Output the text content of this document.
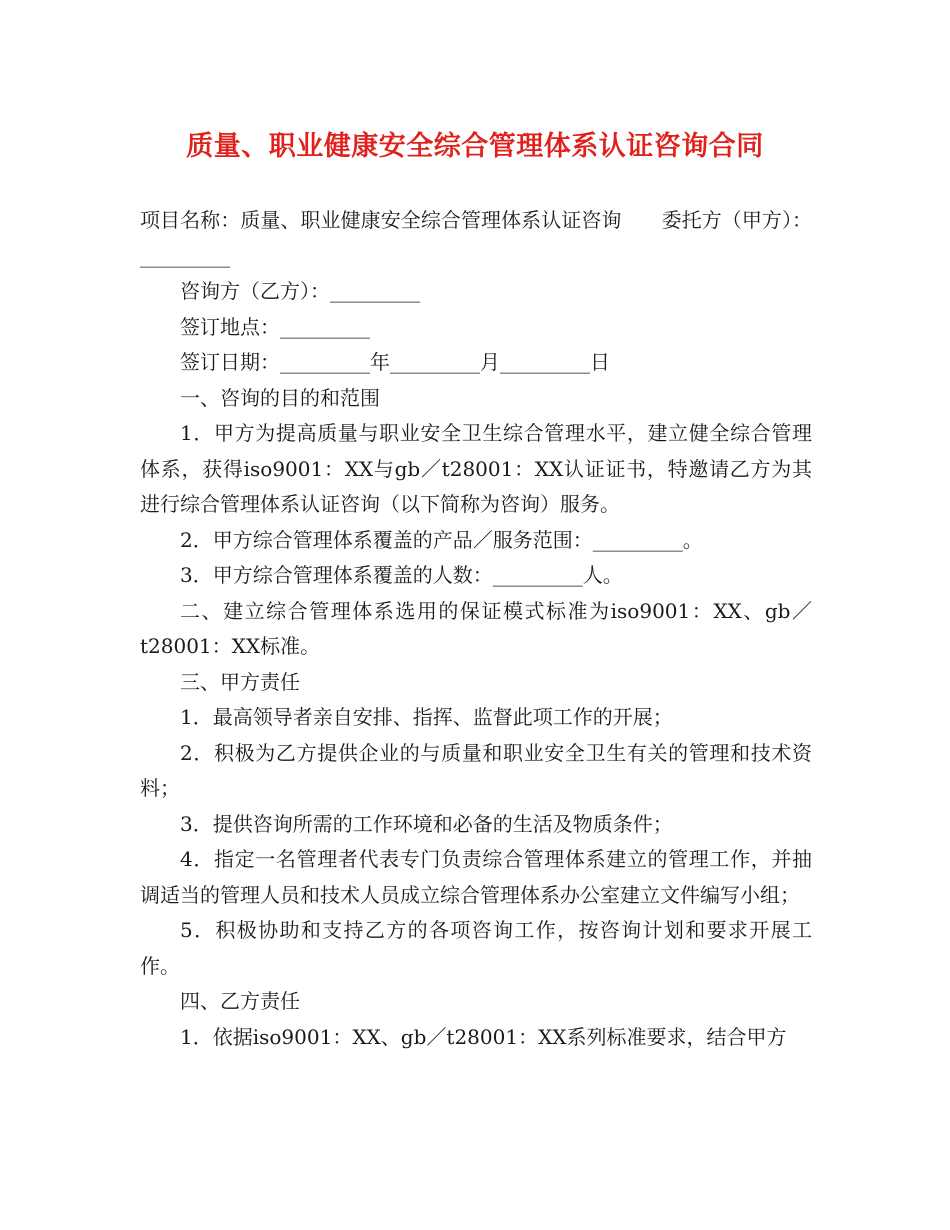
质量、职业健康安全综合管理体系认证咨询合同

项目名称：质量、职业健康安全综合管理体系认证咨询　　委托方（甲方）：_________

咨询方（乙方）：_________

签订地点：_________

签订日期：_________年_________月_________日

一、咨询的目的和范围

1．甲方为提高质量与职业安全卫生综合管理水平，建立健全综合管理体系，获得iso9001：XX与gb／t28001：XX认证证书，特邀请乙方为其进行综合管理体系认证咨询（以下简称为咨询）服务。

2．甲方综合管理体系覆盖的产品／服务范围：_________。

3．甲方综合管理体系覆盖的人数：_________人。

二、建立综合管理体系选用的保证模式标准为iso9001：XX、gb／t28001：XX标准。

三、甲方责任

1．最高领导者亲自安排、指挥、监督此项工作的开展；

2．积极为乙方提供企业的与质量和职业安全卫生有关的管理和技术资料；

3．提供咨询所需的工作环境和必备的生活及物质条件；

4．指定一名管理者代表专门负责综合管理体系建立的管理工作，并抽调适当的管理人员和技术人员成立综合管理体系办公室建立文件编写小组；

5．积极协助和支持乙方的各项咨询工作，按咨询计划和要求开展工作。

四、乙方责任

1．依据iso9001：XX、gb／t28001：XX系列标准要求，结合甲方
